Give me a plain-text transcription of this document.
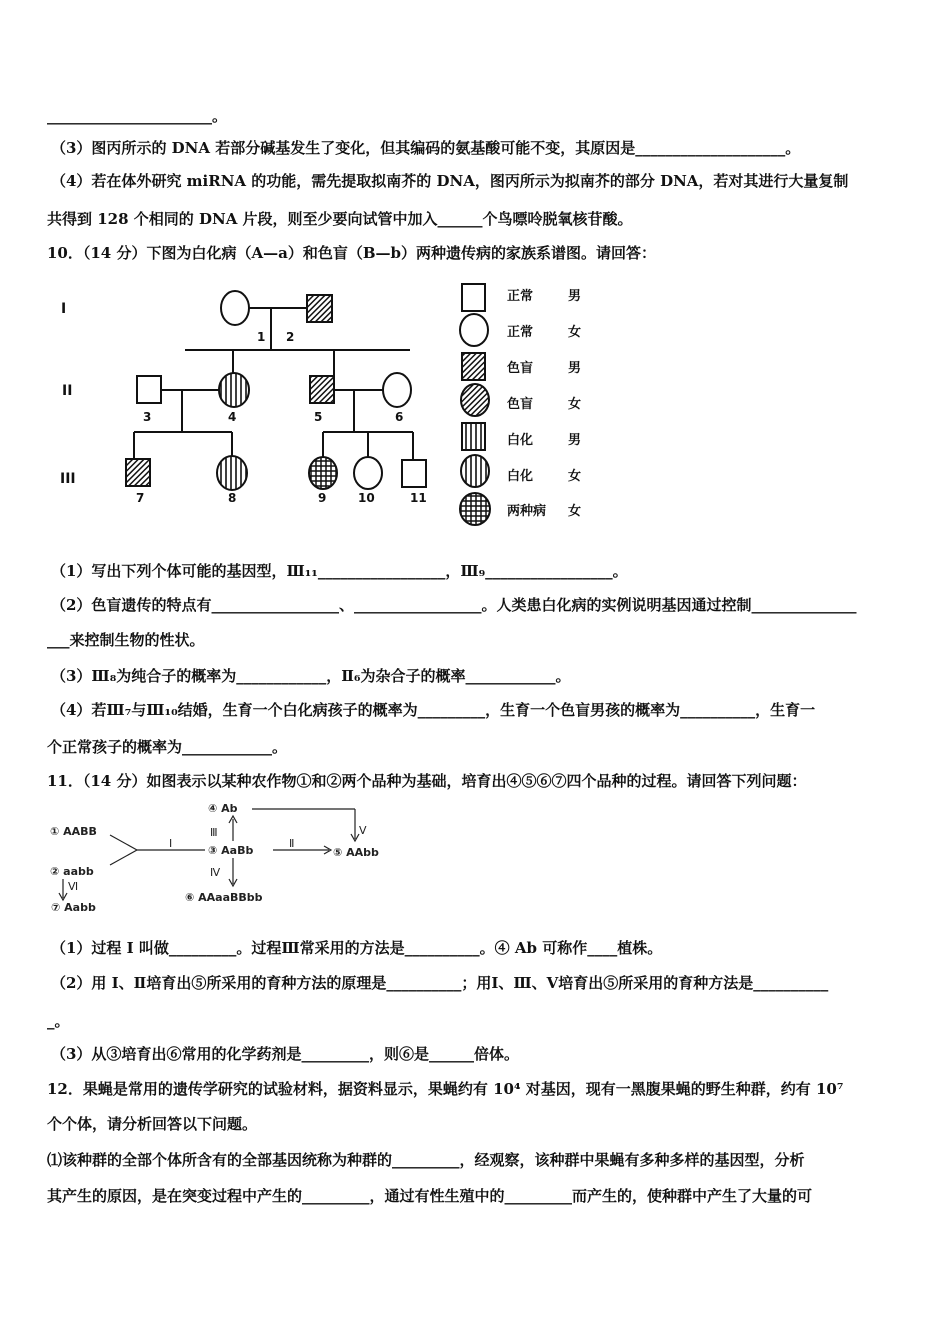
______________________。
（3）图丙所示的 DNA 若部分碱基发生了变化，但其编码的氨基酸可能不变，其原因是____________________。
（4）若在体外研究 miRNA 的功能，需先提取拟南芥的 DNA，图丙所示为拟南芥的部分 DNA，若对其进行大量复制
共得到 128 个相同的 DNA 片段，则至少要向试管中加入______个鸟嘌呤脱氧核苷酸。
10．（14 分）下图为白化病（A—a）和色盲（B—b）两种遗传病的家族系谱图。请回答：
I
II
III
1 2
3	4	5	6
7	8	9	10	11
正常	男
正常	女
色盲	男
色盲	女
白化	男
白化	女
两种病 女
（1）写出下列个体可能的基因型，Ⅲ₁₁_________________，Ⅲ₉_________________。
（2）色盲遗传的特点有_________________、_________________。人类患白化病的实例说明基因通过控制______________
___来控制生物的性状。
（3）Ⅲ₈为纯合子的概率为____________，Ⅱ₆为杂合子的概率____________。
（4）若Ⅲ₇与Ⅲ₁₀结婚，生育一个白化病孩子的概率为_________，生育一个色盲男孩的概率为__________，生育一
个正常孩子的概率为____________。
11．（14 分）如图表示以某种农作物①和②两个品种为基础，培育出④⑤⑥⑦四个品种的过程。请回答下列问题：
① AABB
② aabb
③ AaBb
④ Ab
⑤ AAbb
⑥ AAaaBBbb
⑦ Aabb
I	Ⅱ
Ⅲ
Ⅳ
Ⅴ
Ⅵ
（1）过程 I 叫做_________。过程Ⅲ常采用的方法是__________。④ Ab 可称作____植株。
（2）用 I、Ⅱ培育出⑤所采用的育种方法的原理是__________；用Ⅰ、Ⅲ、Ⅴ培育出⑤所采用的育种方法是__________
_。
（3）从③培育出⑥常用的化学药剂是_________，则⑥是______倍体。
12．果蝇是常用的遗传学研究的试验材料，据资料显示，果蝇约有 10⁴ 对基因，现有一黑腹果蝇的野生种群，约有 10⁷
个个体，请分析回答以下问题。
⑴该种群的全部个体所含有的全部基因统称为种群的_________，经观察，该种群中果蝇有多种多样的基因型，分析
其产生的原因，是在突变过程中产生的_________，通过有性生殖中的_________而产生的，使种群中产生了大量的可
